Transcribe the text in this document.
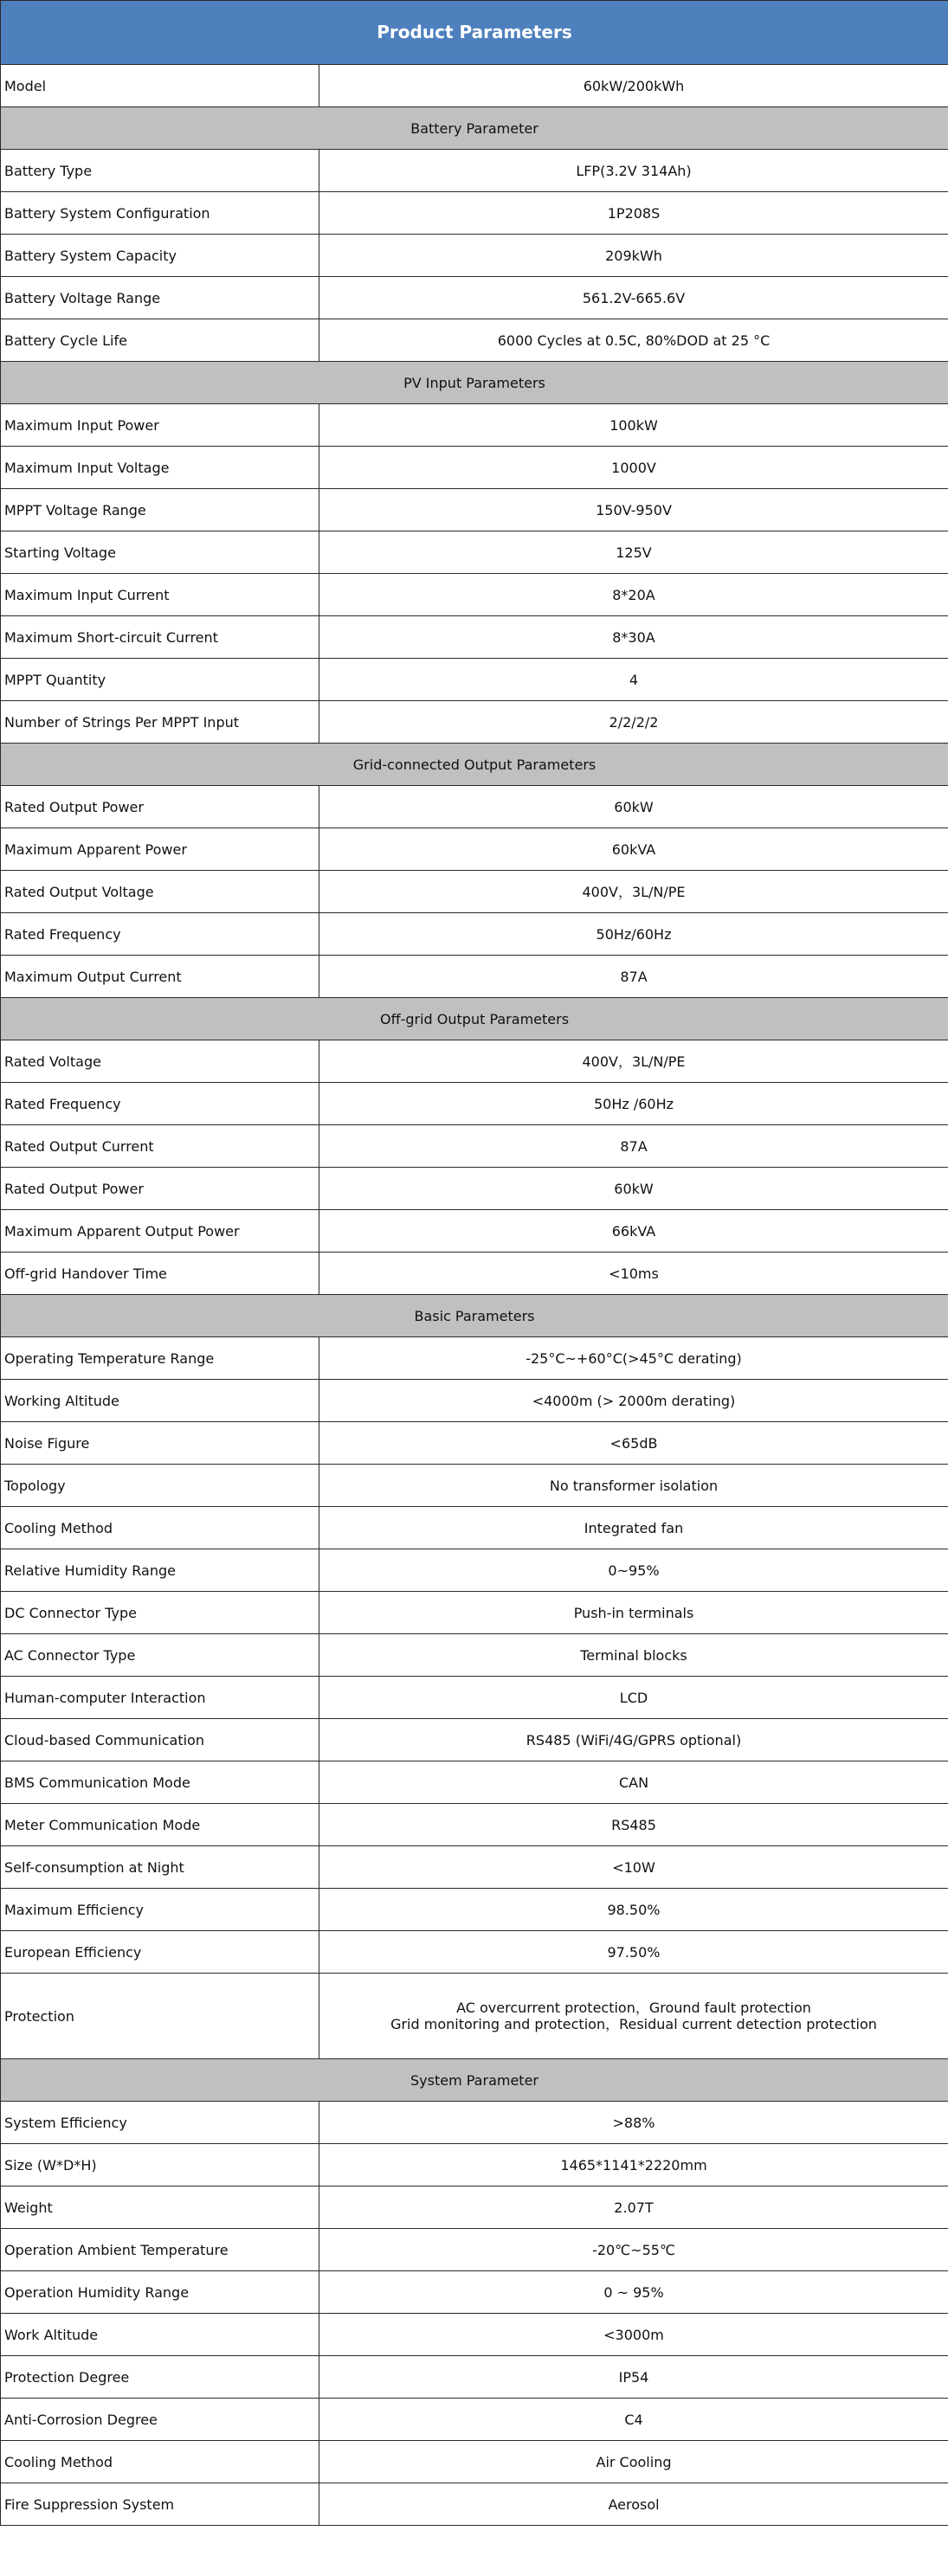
Product Parameters	
Model	60kW/200kWh
Battery Parameter	
Battery Type	LFP(3.2V 314Ah)
Battery System Configuration	1P208S
Battery System Capacity	209kWh
Battery Voltage Range	561.2V-665.6V
Battery Cycle Life	6000 Cycles at 0.5C, 80%DOD at 25 °C
PV Input Parameters	
Maximum Input Power	100kW
Maximum Input Voltage	1000V
MPPT Voltage Range	150V-950V
Starting Voltage	125V
Maximum Input Current	8*20A
Maximum Short-circuit Current	8*30A
MPPT Quantity	4
Number of Strings Per MPPT Input	2/2/2/2
Grid-connected Output Parameters	
Rated Output Power	60kW
Maximum Apparent Power	60kVA
Rated Output Voltage	400V，3L/N/PE
Rated Frequency	50Hz/60Hz
Maximum Output Current	87A
Off-grid Output Parameters	
Rated Voltage	400V，3L/N/PE
Rated Frequency	50Hz /60Hz
Rated Output Current	87A
Rated Output Power	60kW
Maximum Apparent Output Power	66kVA
Off-grid Handover Time	<10ms
Basic Parameters	
Operating Temperature Range	-25°C~+60°C(>45°C derating)
Working Altitude	<4000m (> 2000m derating)
Noise Figure	<65dB
Topology	No transformer isolation
Cooling Method	Integrated fan
Relative Humidity Range	0~95%
DC Connector Type	Push-in terminals
AC Connector Type	Terminal blocks
Human-computer Interaction	LCD
Cloud-based Communication	RS485 (WiFi/4G/GPRS optional)
BMS Communication Mode	CAN
Meter Communication Mode	RS485
Self-consumption at Night	<10W
Maximum Efficiency	98.50%
European Efficiency	97.50%
Protection	AC overcurrent protection，Ground fault protection
Grid monitoring and protection，Residual current detection protection

System Parameter	
System Efficiency	>88%
Size (W*D*H)	1465*1141*2220mm
Weight	2.07T
Operation Ambient Temperature	-20℃~55℃
Operation Humidity Range	0 ~ 95%
Work Altitude	<3000m
Protection Degree	IP54
Anti-Corrosion Degree	C4
Cooling Method	Air Cooling
Fire Suppression System	Aerosol
